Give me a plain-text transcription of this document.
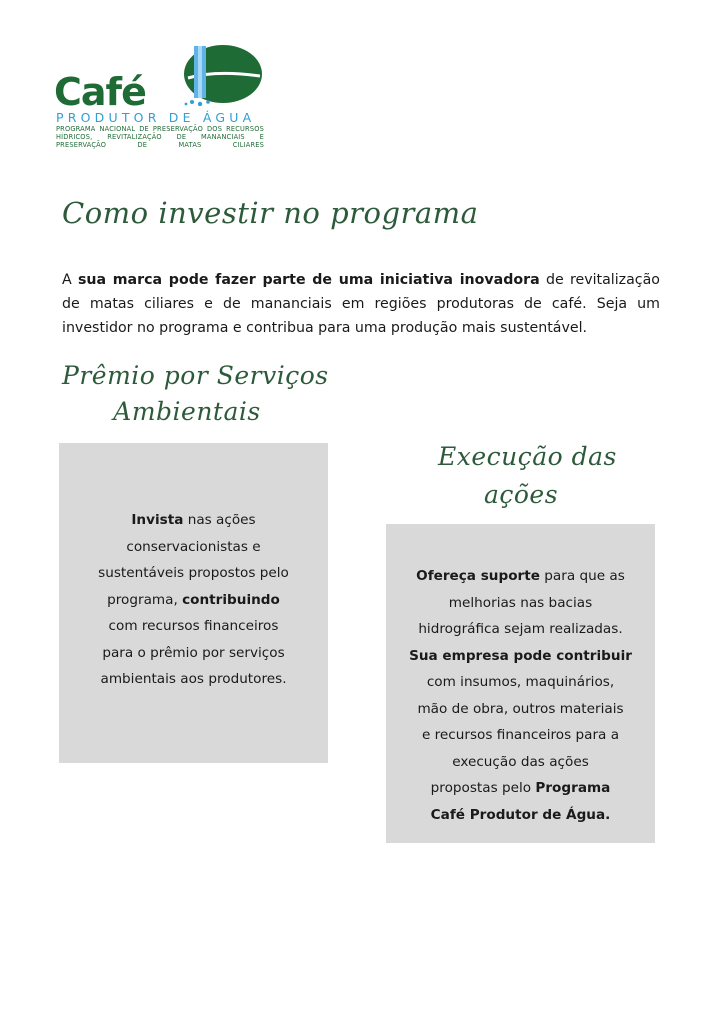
Café
PRODUTOR DE ÁGUA
PROGRAMA NACIONAL DE PRESERVAÇÃO DOS RECURSOS HÍDRICOS, REVITALIZAÇÃO DE MANANCIAIS E PRESERVAÇÃO DE MATAS CILIARES
Como investir no programa

A sua marca pode fazer parte de uma iniciativa inovadora de revitalização de matas ciliares e de mananciais em regiões produtoras de café. Seja um investidor no programa e contribua para uma produção mais sustentável.

Prêmio por Serviços
Ambientais
Invista nas ações
conservacionistas e
sustentáveis propostos pelo
programa, contribuindo
com recursos financeiros
para o prêmio por serviços
ambientais aos produtores.
Execução das
ações
Ofereça suporte para que as
melhorias nas bacias
hidrográfica sejam realizadas.
Sua empresa pode contribuir
com insumos, maquinários,
mão de obra, outros materiais
e recursos financeiros para a
execução das ações
propostas pelo Programa
Café Produtor de Água.
